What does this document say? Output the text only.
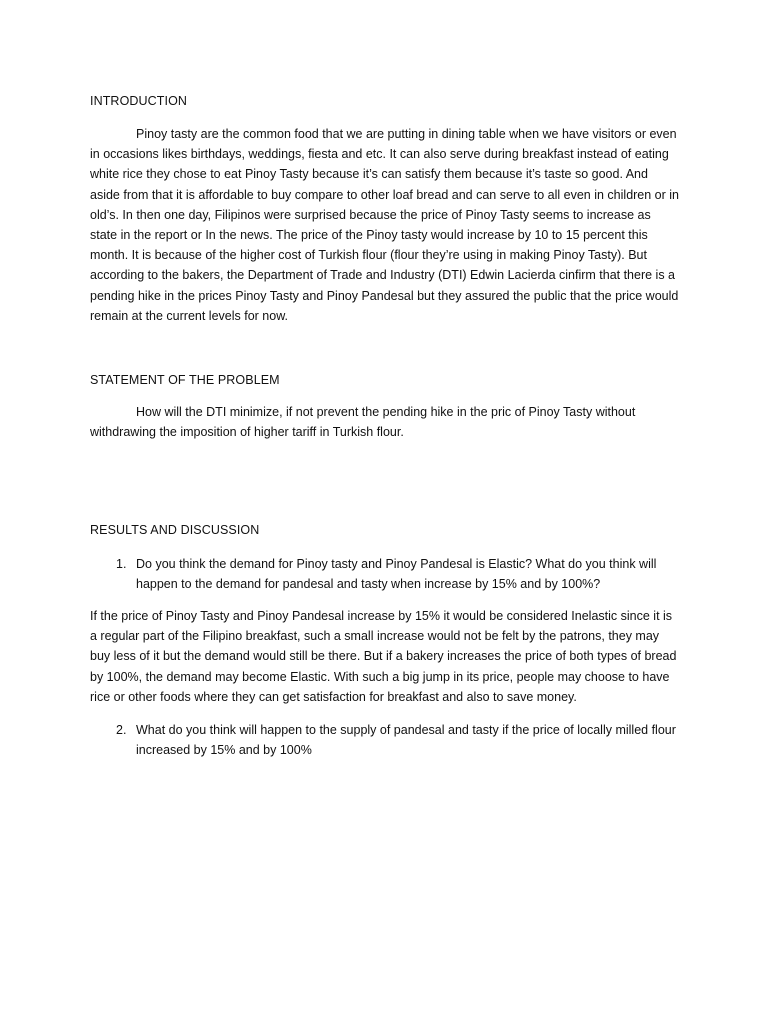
INTRODUCTION

Pinoy tasty are the common food that we are putting in dining table when we have visitors or even in occasions likes birthdays, weddings, fiesta and etc. It can also serve during breakfast instead of eating white rice they chose to eat Pinoy Tasty because it’s can satisfy them because it’s taste so good. And aside from that it is affordable to buy compare to other loaf bread and can serve to all even in children or in old’s. In then one day, Filipinos were surprised because the price of Pinoy Tasty seems to increase as state in the report or In the news. The price of the Pinoy tasty would increase by 10 to 15 percent this month. It is because of the higher cost of Turkish flour (flour they’re using in making Pinoy Tasty). But according to the bakers, the Department of Trade and Industry (DTI) Edwin Lacierda cinfirm that there is a pending hike in the prices Pinoy Tasty and Pinoy Pandesal but they assured the public that the price would remain at the current levels for now.

STATEMENT OF THE PROBLEM

How will the DTI minimize, if not prevent the pending hike in the pric of Pinoy Tasty without withdrawing the imposition of higher tariff in Turkish flour.

RESULTS AND DISCUSSION
1. Do you think the demand for Pinoy tasty and Pinoy Pandesal is Elastic? What do you think will happen to the demand for pandesal and tasty when increase by 15% and by 100%?

If the price of Pinoy Tasty and Pinoy Pandesal increase by 15% it would be considered Inelastic since it is a regular part of the Filipino breakfast, such a small increase would not be felt by the patrons, they may buy less of it but the demand would still be there. But if a bakery increases the price of both types of bread by 100%, the demand may become Elastic. With such a big jump in its price, people may choose to have rice or other foods where they can get satisfaction for breakfast and also to save money.

2. What do you think will happen to the supply of pandesal and tasty if the price of locally milled flour increased by 15% and by 100%
